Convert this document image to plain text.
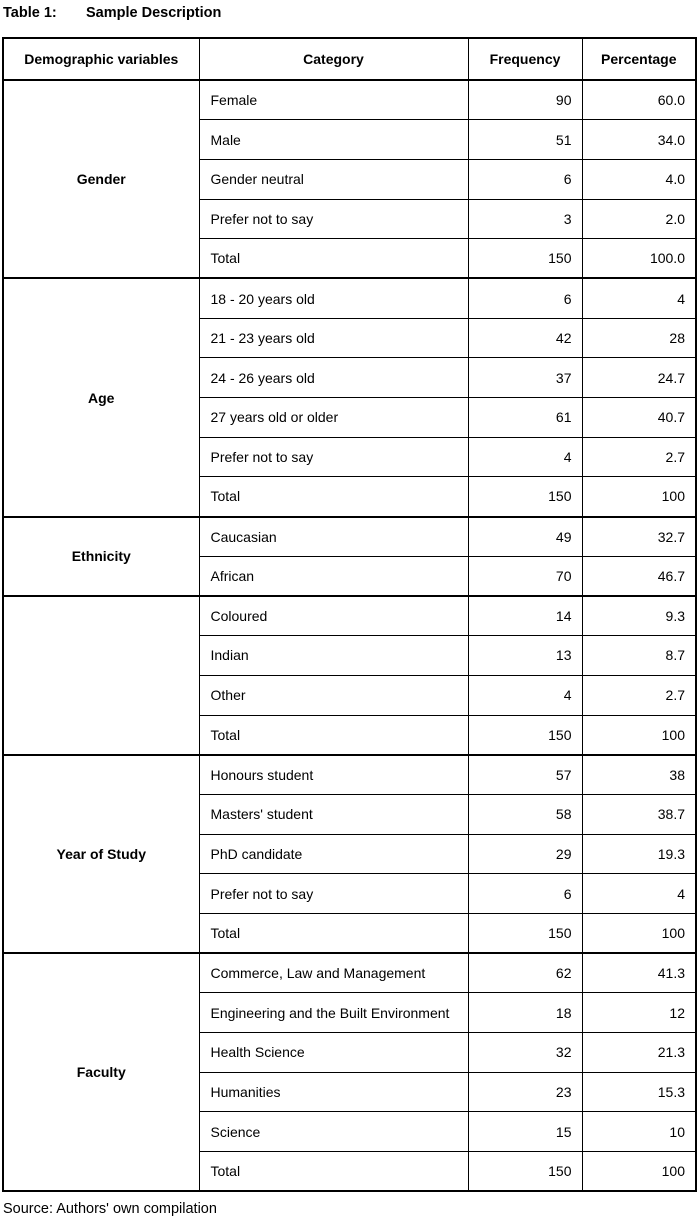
Table 1: Sample Description
Demographic variables	Category	Frequency	Percentage
Gender	Female	90	60.0
	Male	51	34.0
	Gender neutral	6	4.0
	Prefer not to say	3	2.0
	Total	150	100.0
Age	18 - 20 years old	6	4
	21 - 23 years old	42	28
	24 - 26 years old	37	24.7
	27 years old or older	61	40.7
	Prefer not to say	4	2.7
	Total	150	100
Ethnicity	Caucasian	49	32.7
	African	70	46.7
	Coloured	14	9.3
	Indian	13	8.7
	Other	4	2.7
	Total	150	100
Year of Study	Honours student	57	38
	Masters' student	58	38.7
	PhD candidate	29	19.3
	Prefer not to say	6	4
	Total	150	100
Faculty	Commerce, Law and Management	62	41.3
	Engineering and the Built Environment	18	12
	Health Science	32	21.3
	Humanities	23	15.3
	Science	15	10
	Total	150	100
Source: Authors' own compilation
